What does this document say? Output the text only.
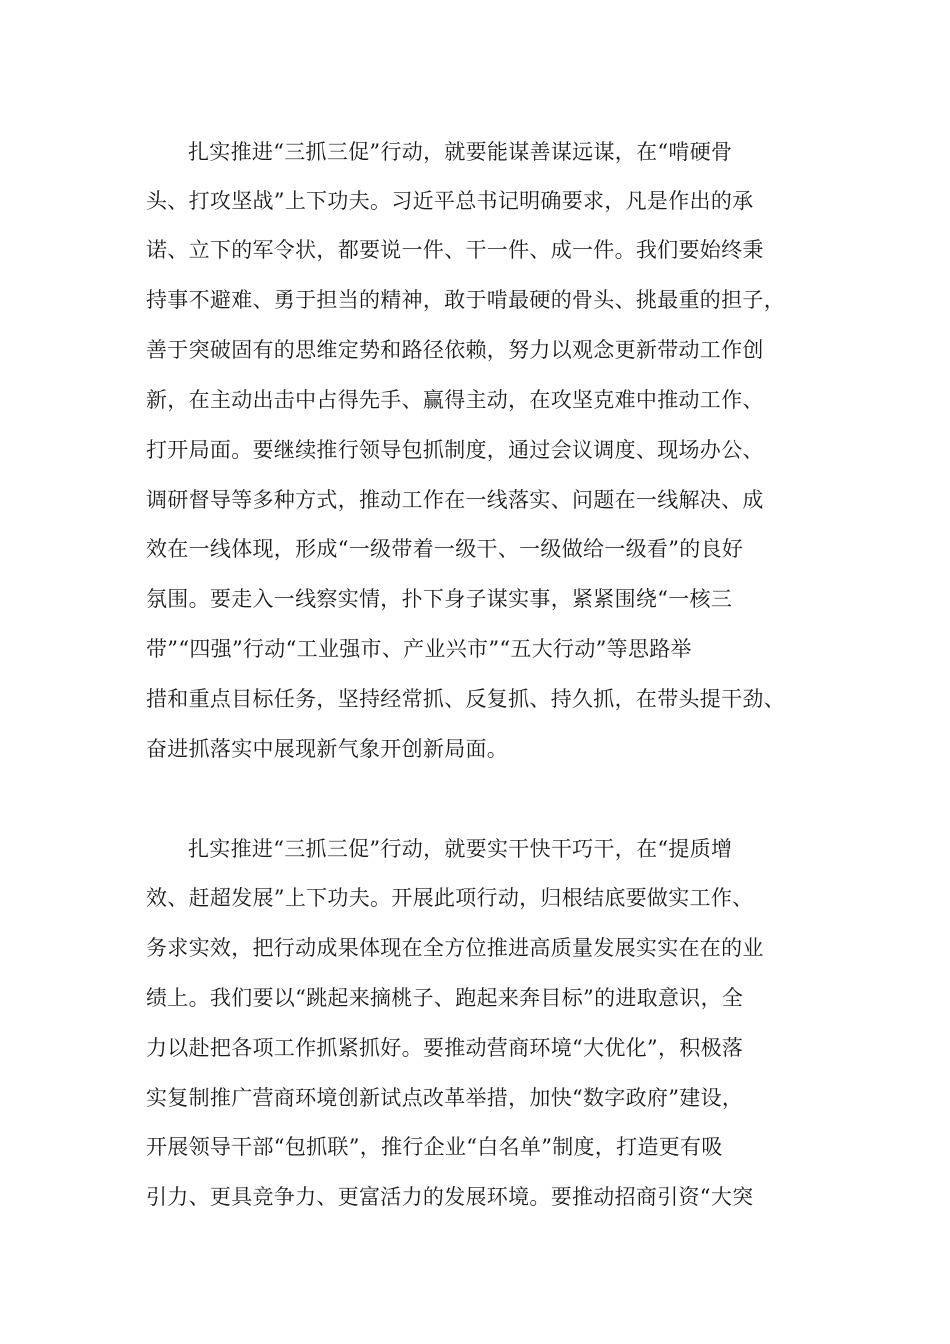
扎实推进“三抓三促”行动，就要能谋善谋远谋，在“啃硬骨
头、打攻坚战”上下功夫。习近平总书记明确要求，凡是作出的承
诺、立下的军令状，都要说一件、干一件、成一件。我们要始终秉
持事不避难、勇于担当的精神，敢于啃最硬的骨头、挑最重的担子，
善于突破固有的思维定势和路径依赖，努力以观念更新带动工作创
新，在主动出击中占得先手、赢得主动，在攻坚克难中推动工作、
打开局面。要继续推行领导包抓制度，通过会议调度、现场办公、
调研督导等多种方式，推动工作在一线落实、问题在一线解决、成
效在一线体现，形成“一级带着一级干、一级做给一级看”的良好
氛围。要走入一线察实情，扑下身子谋实事，紧紧围绕“一核三
带”“四强”行动“工业强市、产业兴市”“五大行动”等思路举
措和重点目标任务，坚持经常抓、反复抓、持久抓，在带头提干劲、
奋进抓落实中展现新气象开创新局面。
扎实推进“三抓三促”行动，就要实干快干巧干，在“提质增
效、赶超发展”上下功夫。开展此项行动，归根结底要做实工作、
务求实效，把行动成果体现在全方位推进高质量发展实实在在的业
绩上。我们要以“跳起来摘桃子、跑起来奔目标”的进取意识，全
力以赴把各项工作抓紧抓好。要推动营商环境“大优化”，积极落
实复制推广营商环境创新试点改革举措，加快“数字政府”建设，
开展领导干部“包抓联”，推行企业“白名单”制度，打造更有吸
引力、更具竞争力、更富活力的发展环境。要推动招商引资“大突
